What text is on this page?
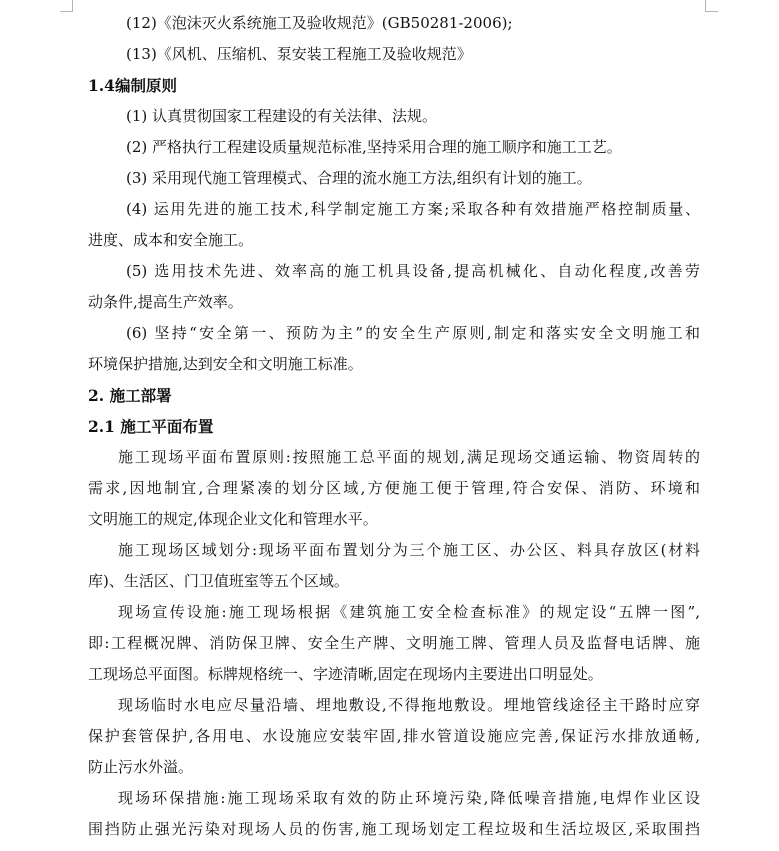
(12)《泡沫灭火系统施工及验收规范》(GB50281-2006);
(13)《风机、压缩机、泵安装工程施工及验收规范》
1.4编制原则
(1) 认真贯彻国家工程建设的有关法律、法规。
(2) 严格执行工程建设质量规范标准,坚持采用合理的施工顺序和施工工艺。
(3) 采用现代施工管理模式、合理的流水施工方法,组织有计划的施工。
(4) 运用先进的施工技术,科学制定施工方案;采取各种有效措施严格控制质量、
进度、成本和安全施工。
(5) 选用技术先进、效率高的施工机具设备,提高机械化、自动化程度,改善劳
动条件,提高生产效率。
(6) 坚持“安全第一、预防为主”的安全生产原则,制定和落实安全文明施工和
环境保护措施,达到安全和文明施工标准。
2. 施工部署
2.1 施工平面布置
施工现场平面布置原则:按照施工总平面的规划,满足现场交通运输、物资周转的
需求,因地制宜,合理紧凑的划分区域,方便施工便于管理,符合安保、消防、环境和
文明施工的规定,体现企业文化和管理水平。
施工现场区域划分:现场平面布置划分为三个施工区、办公区、料具存放区(材料
库)、生活区、门卫值班室等五个区域。
现场宣传设施:施工现场根据《建筑施工安全检查标准》的规定设“五牌一图”,
即:工程概况牌、消防保卫牌、安全生产牌、文明施工牌、管理人员及监督电话牌、施
工现场总平面图。标牌规格统一、字迹清晰,固定在现场内主要进出口明显处。
现场临时水电应尽量沿墙、埋地敷设,不得拖地敷设。埋地管线途径主干路时应穿
保护套管保护,各用电、水设施应安装牢固,排水管道设施应完善,保证污水排放通畅,
防止污水外溢。
现场环保措施:施工现场采取有效的防止环境污染,降低噪音措施,电焊作业区设
围挡防止强光污染对现场人员的伤害,施工现场划定工程垃圾和生活垃圾区,采取围挡
